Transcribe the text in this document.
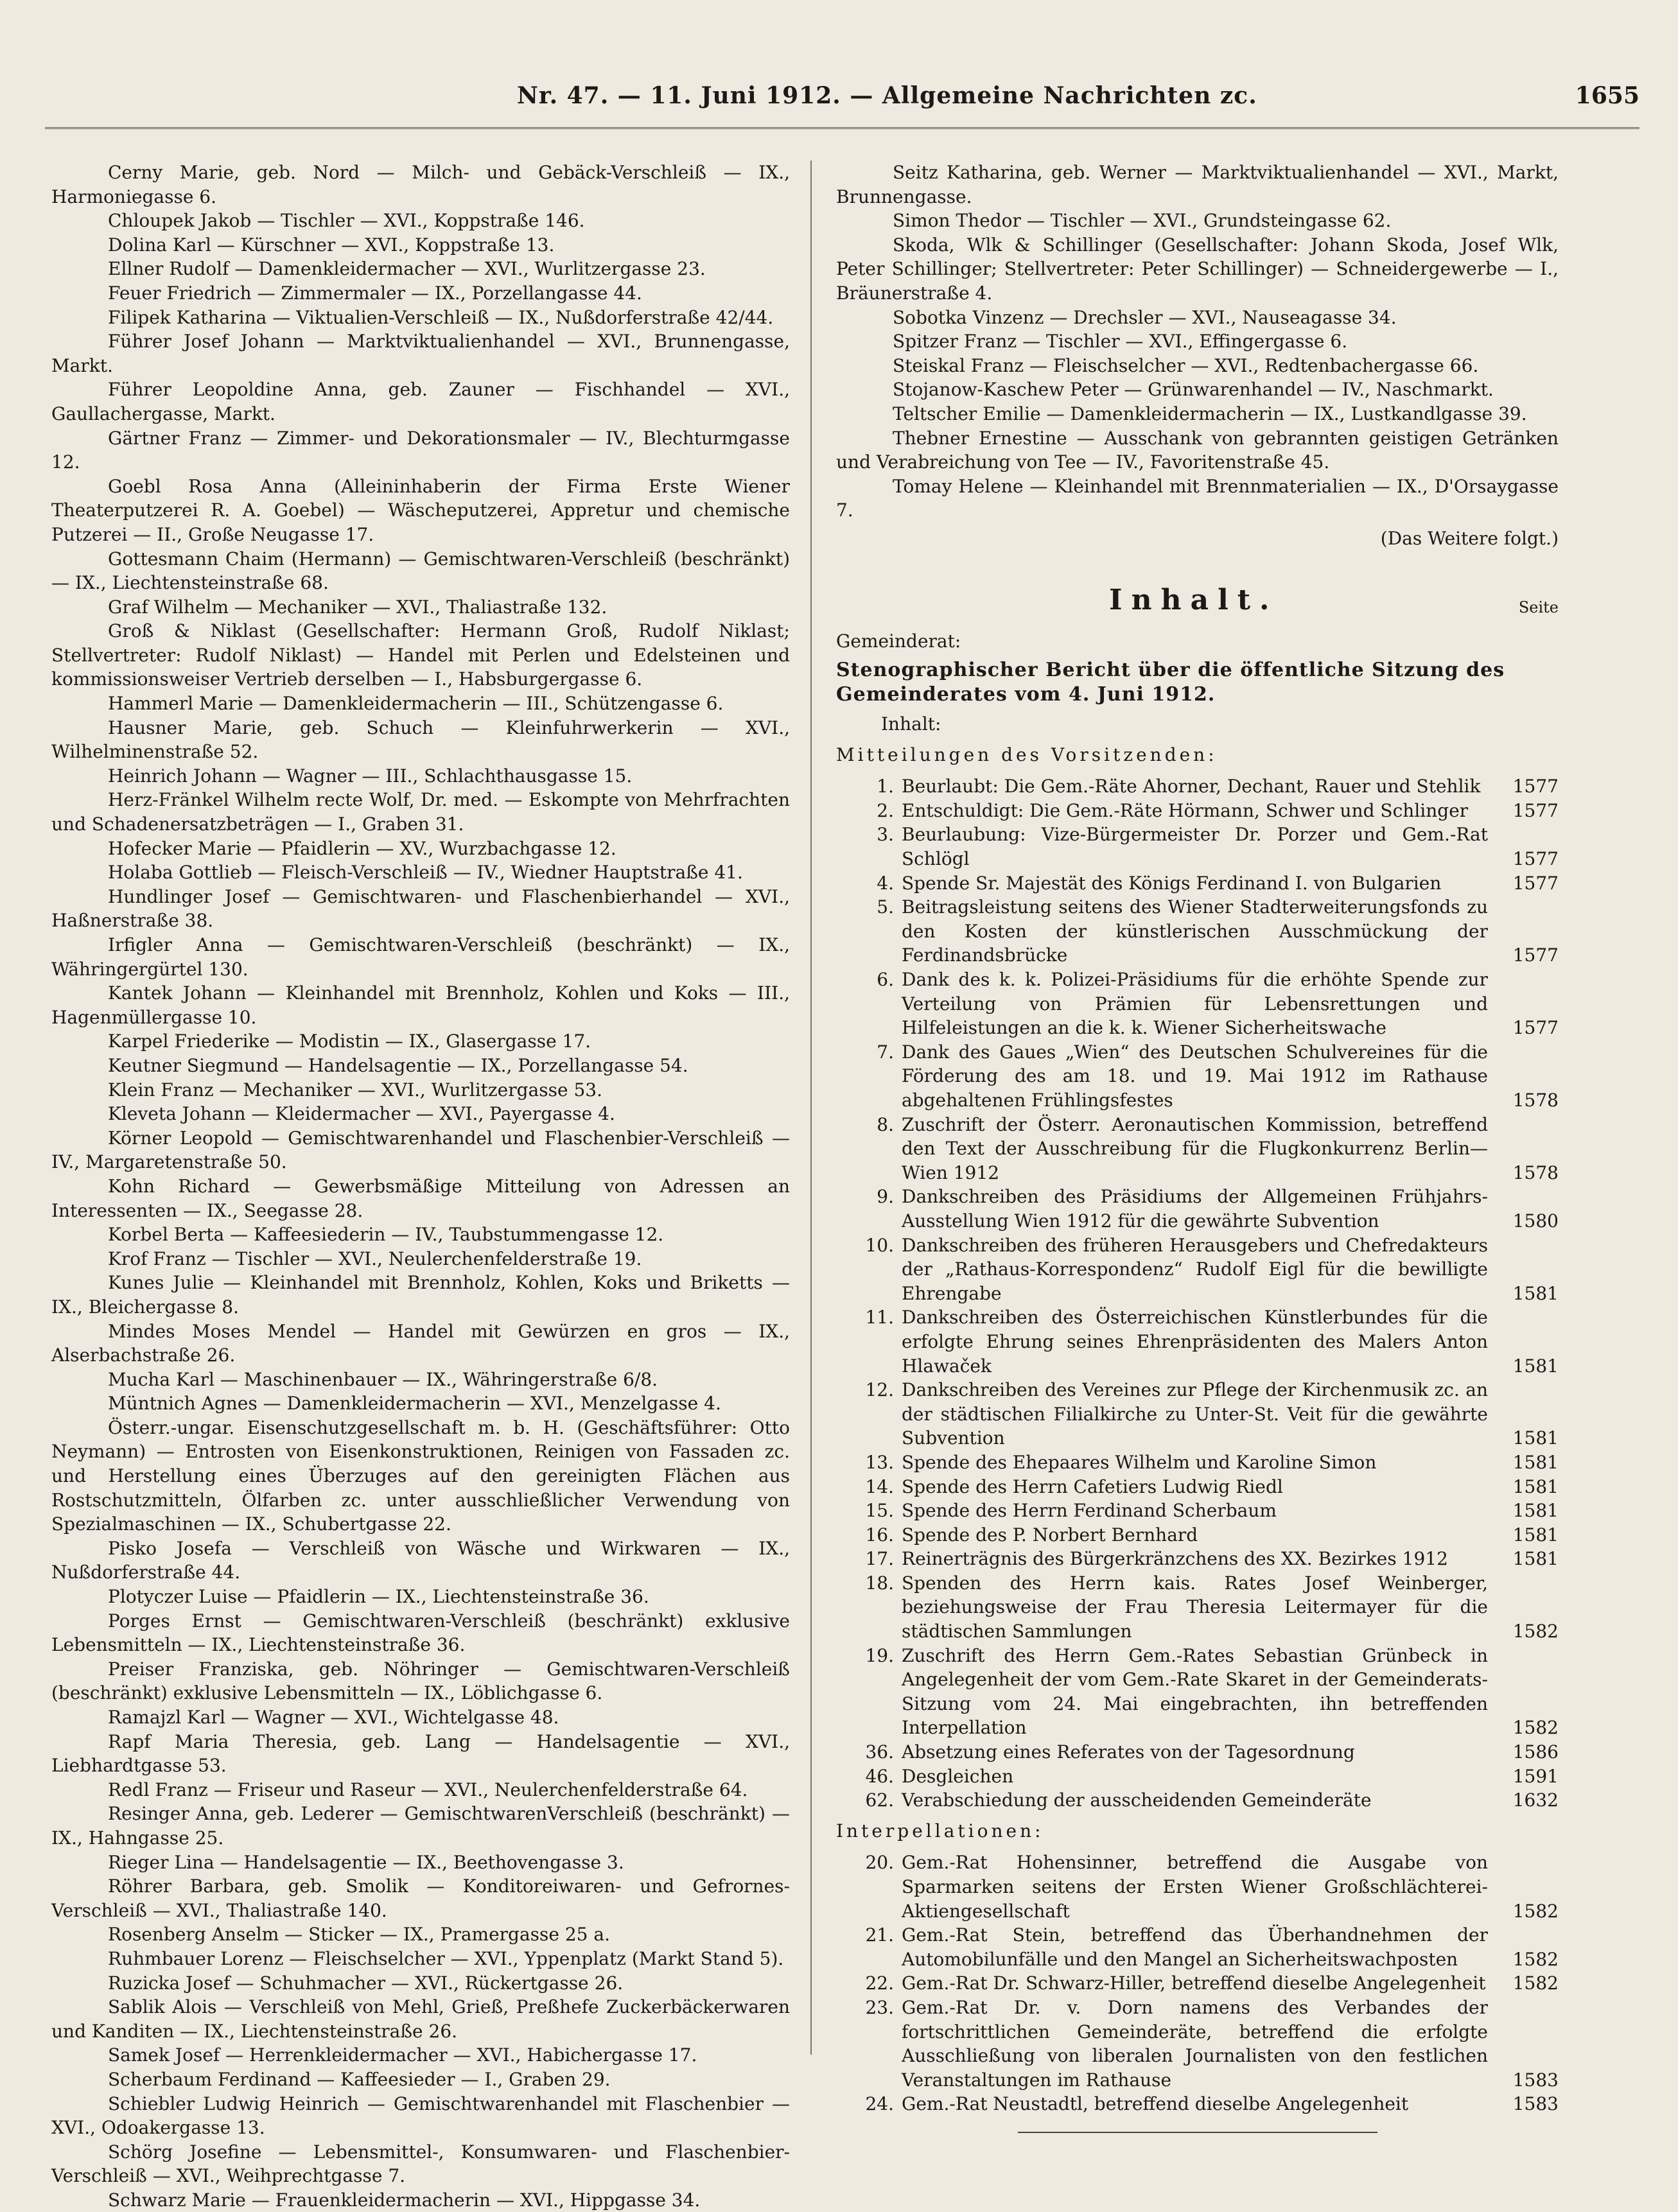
Nr. 47. — 11. Juni 1912. — Allgemeine Nachrichten zc.	1655

Cerny Marie, geb. Nord — Milch- und Gebäck-Verschleiß — IX., Harmoniegasse 6.

Chloupek Jakob — Tischler — XVI., Koppstraße 146.

Dolina Karl — Kürschner — XVI., Koppstraße 13.

Ellner Rudolf — Damenkleidermacher — XVI., Wurlitzergasse 23.

Feuer Friedrich — Zimmermaler — IX., Porzellangasse 44.

Filipek Katharina — Viktualien-Verschleiß — IX., Nußdorferstraße 42/44.

Führer Josef Johann — Marktviktualienhandel — XVI., Brunnengasse, Markt.

Führer Leopoldine Anna, geb. Zauner — Fischhandel — XVI., Gaullachergasse, Markt.

Gärtner Franz — Zimmer- und Dekorationsmaler — IV., Blechturmgasse 12.

Goebl Rosa Anna (Alleininhaberin der Firma Erste Wiener Theaterputzerei R. A. Goebel) — Wäscheputzerei, Appretur und chemische Putzerei — II., Große Neugasse 17.

Gottesmann Chaim (Hermann) — Gemischtwaren-Verschleiß (beschränkt) — IX., Liechtensteinstraße 68.

Graf Wilhelm — Mechaniker — XVI., Thaliastraße 132.

Groß & Niklast (Gesellschafter: Hermann Groß, Rudolf Niklast; Stellvertreter: Rudolf Niklast) — Handel mit Perlen und Edelsteinen und kommissionsweiser Vertrieb derselben — I., Habsburgergasse 6.

Hammerl Marie — Damenkleidermacherin — III., Schützengasse 6.

Hausner Marie, geb. Schuch — Kleinfuhrwerkerin — XVI., Wilhelminenstraße 52.

Heinrich Johann — Wagner — III., Schlachthausgasse 15.

Herz-Fränkel Wilhelm recte Wolf, Dr. med. — Eskompte von Mehrfrachten und Schadenersatzbeträgen — I., Graben 31.

Hofecker Marie — Pfaidlerin — XV., Wurzbachgasse 12.

Holaba Gottlieb — Fleisch-Verschleiß — IV., Wiedner Hauptstraße 41.

Hundlinger Josef — Gemischtwaren- und Flaschenbierhandel — XVI., Haßnerstraße 38.

Irfigler Anna — Gemischtwaren-Verschleiß (beschränkt) — IX., Währingergürtel 130.

Kantek Johann — Kleinhandel mit Brennholz, Kohlen und Koks — III., Hagenmüllergasse 10.

Karpel Friederike — Modistin — IX., Glasergasse 17.

Keutner Siegmund — Handelsagentie — IX., Porzellangasse 54.

Klein Franz — Mechaniker — XVI., Wurlitzergasse 53.

Kleveta Johann — Kleidermacher — XVI., Payergasse 4.

Körner Leopold — Gemischtwarenhandel und Flaschenbier-Verschleiß — IV., Margaretenstraße 50.

Kohn Richard — Gewerbsmäßige Mitteilung von Adressen an Interessenten — IX., Seegasse 28.

Korbel Berta — Kaffeesiederin — IV., Taubstummengasse 12.

Krof Franz — Tischler — XVI., Neulerchenfelderstraße 19.

Kunes Julie — Kleinhandel mit Brennholz, Kohlen, Koks und Briketts — IX., Bleichergasse 8.

Mindes Moses Mendel — Handel mit Gewürzen en gros — IX., Alserbachstraße 26.

Mucha Karl — Maschinenbauer — IX., Währingerstraße 6/8.

Müntnich Agnes — Damenkleidermacherin — XVI., Menzelgasse 4.

Österr.-ungar. Eisenschutzgesellschaft m. b. H. (Geschäftsführer: Otto Neymann) — Entrosten von Eisenkonstruktionen, Reinigen von Fassaden zc. und Herstellung eines Überzuges auf den gereinigten Flächen aus Rostschutzmitteln, Ölfarben zc. unter ausschließlicher Verwendung von Spezialmaschinen — IX., Schubertgasse 22.

Pisko Josefa — Verschleiß von Wäsche und Wirkwaren — IX., Nußdorferstraße 44.

Plotyczer Luise — Pfaidlerin — IX., Liechtensteinstraße 36.

Porges Ernst — Gemischtwaren-Verschleiß (beschränkt) exklusive Lebensmitteln — IX., Liechtensteinstraße 36.

Preiser Franziska, geb. Nöhringer — Gemischtwaren-Verschleiß (beschränkt) exklusive Lebensmitteln — IX., Löblichgasse 6.

Ramajzl Karl — Wagner — XVI., Wichtelgasse 48.

Rapf Maria Theresia, geb. Lang — Handelsagentie — XVI., Liebhardtgasse 53.

Redl Franz — Friseur und Raseur — XVI., Neulerchenfelderstraße 64.

Resinger Anna, geb. Lederer — GemischtwarenVerschleiß (beschränkt) — IX., Hahngasse 25.

Rieger Lina — Handelsagentie — IX., Beethovengasse 3.

Röhrer Barbara, geb. Smolik — Konditoreiwaren- und Gefrornes-Verschleiß — XVI., Thaliastraße 140.

Rosenberg Anselm — Sticker — IX., Pramergasse 25 a.

Ruhmbauer Lorenz — Fleischselcher — XVI., Yppenplatz (Markt Stand 5).

Ruzicka Josef — Schuhmacher — XVI., Rückertgasse 26.

Sablik Alois — Verschleiß von Mehl, Grieß, Preßhefe Zuckerbäckerwaren und Kanditen — IX., Liechtensteinstraße 26.

Samek Josef — Herrenkleidermacher — XVI., Habichergasse 17.

Scherbaum Ferdinand — Kaffeesieder — I., Graben 29.

Schiebler Ludwig Heinrich — Gemischtwarenhandel mit Flaschenbier — XVI., Odoakergasse 13.

Schörg Josefine — Lebensmittel-, Konsumwaren- und Flaschenbier-Verschleiß — XVI., Weihprechtgasse 7.

Schwarz Marie — Frauenkleidermacherin — XVI., Hippgasse 34.

Seitz Katharina, geb. Werner — Marktviktualienhandel — XVI., Markt, Brunnengasse.

Simon Thedor — Tischler — XVI., Grundsteingasse 62.

Skoda, Wlk & Schillinger (Gesellschafter: Johann Skoda, Josef Wlk, Peter Schillinger; Stellvertreter: Peter Schillinger) — Schneidergewerbe — I., Bräunerstraße 4.

Sobotka Vinzenz — Drechsler — XVI., Nauseagasse 34.

Spitzer Franz — Tischler — XVI., Effingergasse 6.

Steiskal Franz — Fleischselcher — XVI., Redtenbachergasse 66.

Stojanow-Kaschew Peter — Grünwarenhandel — IV., Naschmarkt.

Teltscher Emilie — Damenkleidermacherin — IX., Lustkandlgasse 39.

Thebner Ernestine — Ausschank von gebrannten geistigen Getränken und Verabreichung von Tee — IV., Favoritenstraße 45.

Tomay Helene — Kleinhandel mit Brennmaterialien — IX., D'Orsaygasse 7.

(Das Weitere folgt.)

Inhalt.	Seite

Gemeinderat:

Stenographischer Bericht über die öffentliche Sitzung des Gemeinderates vom 4. Juni 1912.

Inhalt:

Mitteilungen des Vorsitzenden:

1. Beurlaubt: Die Gem.-Räte Ahorner, Dechant, Rauer und Stehlik	1577
2. Entschuldigt: Die Gem.-Räte Hörmann, Schwer und Schlinger	1577
3. Beurlaubung: Vize-Bürgermeister Dr. Porzer und Gem.-Rat Schlögl	1577
4. Spende Sr. Majestät des Königs Ferdinand I. von Bulgarien	1577
5. Beitragsleistung seitens des Wiener Stadterweiterungsfonds zu den Kosten der künstlerischen Ausschmückung der Ferdinandsbrücke	1577
6. Dank des k. k. Polizei-Präsidiums für die erhöhte Spende zur Verteilung von Prämien für Lebensrettungen und Hilfeleistungen an die k. k. Wiener Sicherheitswache	1577
7. Dank des Gaues „Wien“ des Deutschen Schulvereines für die Förderung des am 18. und 19. Mai 1912 im Rathause abgehaltenen Frühlingsfestes	1578
8. Zuschrift der Österr. Aeronautischen Kommission, betreffend den Text der Ausschreibung für die Flugkonkurrenz Berlin—Wien 1912	1578
9. Dankschreiben des Präsidiums der Allgemeinen Frühjahrs-Ausstellung Wien 1912 für die gewährte Subvention	1580
10. Dankschreiben des früheren Herausgebers und Chefredakteurs der „Rathaus-Korrespondenz“ Rudolf Eigl für die bewilligte Ehrengabe	1581
11. Dankschreiben des Österreichischen Künstlerbundes für die erfolgte Ehrung seines Ehrenpräsidenten des Malers Anton Hlawaček	1581
12. Dankschreiben des Vereines zur Pflege der Kirchenmusik zc. an der städtischen Filialkirche zu Unter-St. Veit für die gewährte Subvention	1581
13. Spende des Ehepaares Wilhelm und Karoline Simon	1581
14. Spende des Herrn Cafetiers Ludwig Riedl	1581
15. Spende des Herrn Ferdinand Scherbaum	1581
16. Spende des P. Norbert Bernhard	1581
17. Reinerträgnis des Bürgerkränzchens des XX. Bezirkes 1912	1581
18. Spenden des Herrn kais. Rates Josef Weinberger, beziehungsweise der Frau Theresia Leitermayer für die städtischen Sammlungen	1582
19. Zuschrift des Herrn Gem.-Rates Sebastian Grünbeck in Angelegenheit der vom Gem.-Rate Skaret in der Gemeinderats-Sitzung vom 24. Mai eingebrachten, ihn betreffenden Interpellation	1582
36. Absetzung eines Referates von der Tagesordnung	1586
46. Desgleichen	1591
62. Verabschiedung der ausscheidenden Gemeinderäte	1632

Interpellationen:

20. Gem.-Rat Hohensinner, betreffend die Ausgabe von Sparmarken seitens der Ersten Wiener Großschlächterei-Aktiengesellschaft	1582
21. Gem.-Rat Stein, betreffend das Überhandnehmen der Automobilunfälle und den Mangel an Sicherheitswachposten	1582
22. Gem.-Rat Dr. Schwarz-Hiller, betreffend dieselbe Angelegenheit	1582
23. Gem.-Rat Dr. v. Dorn namens des Verbandes der fortschrittlichen Gemeinderäte, betreffend die erfolgte Ausschließung von liberalen Journalisten von den festlichen Veranstaltungen im Rathause	1583
24. Gem.-Rat Neustadtl, betreffend dieselbe Angelegenheit	1583
